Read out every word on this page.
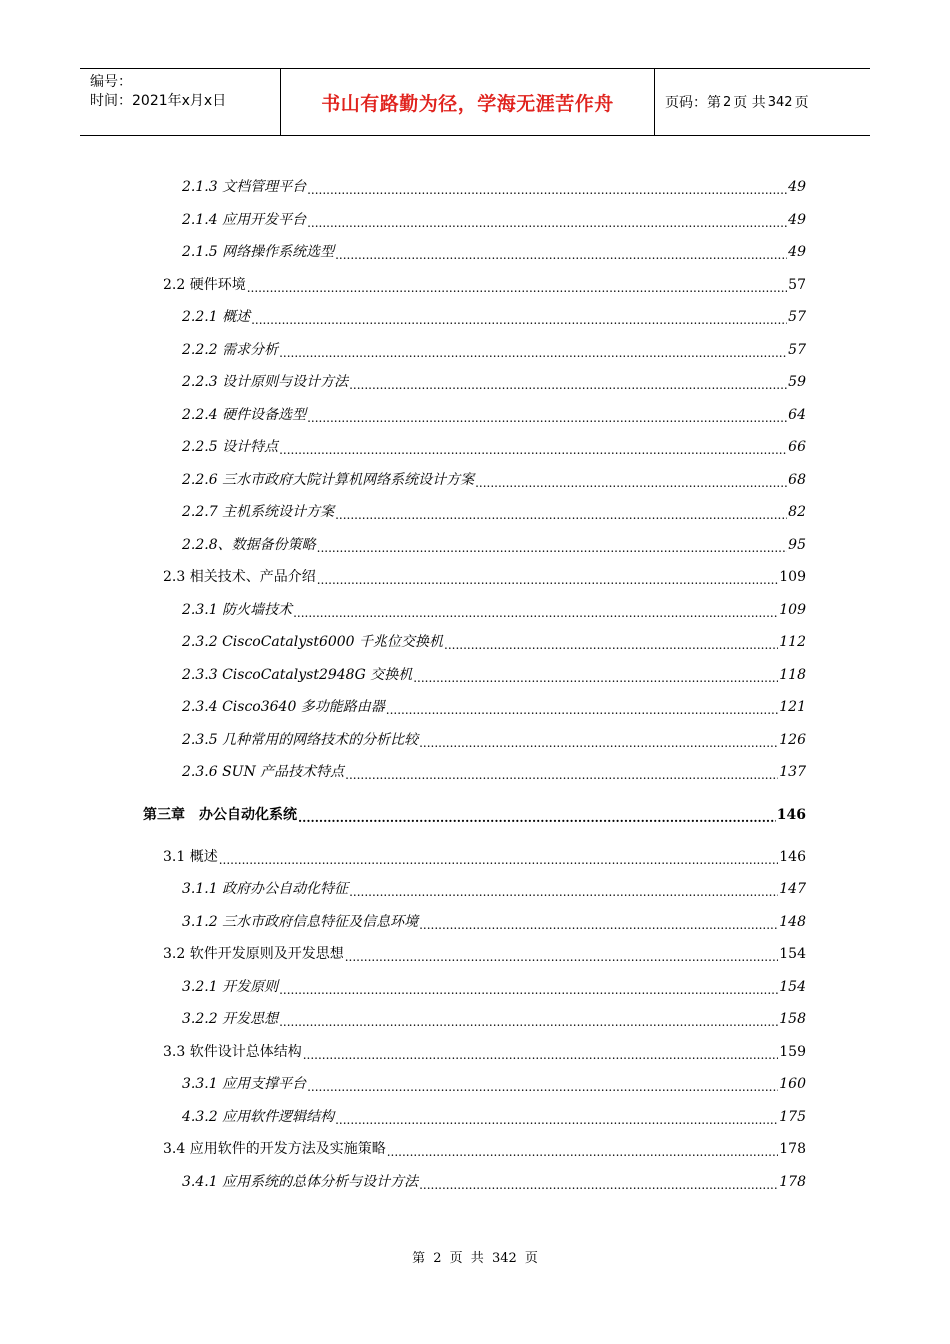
编号：
时间：2021年x月x日	书山有路勤为径，学海无涯苦作舟	页码：第 2 页 共 342 页
2.1.3 文档管理平台 .....	49
2.1.4 应用开发平台 .....	49
2.1.5 网络操作系统选型 .....	49
2.2 硬件环境 .....	57
2.2.1 概述 .....	57
2.2.2 需求分析 .....	57
2.2.3 设计原则与设计方法 .....	59
2.2.4 硬件设备选型 .....	64
2.2.5 设计特点 .....	66
2.2.6 三水市政府大院计算机网络系统设计方案 .....	68
2.2.7 主机系统设计方案 .....	82
2.2.8、数据备份策略 .....	95
2.3 相关技术、产品介绍 .....	109
2.3.1 防火墙技术 .....	109
2.3.2 CiscoCatalyst6000 千兆位交换机 .....	112
2.3.3 CiscoCatalyst2948G 交换机 .....	118
2.3.4 Cisco3640 多功能路由器 .....	121
2.3.5 几种常用的网络技术的分析比较 .....	126
2.3.6 SUN 产品技术特点 .....	137
第三章　办公自动化系统 .....	146
3.1 概述 .....	146
3.1.1 政府办公自动化特征 .....	147
3.1.2 三水市政府信息特征及信息环境 .....	148
3.2 软件开发原则及开发思想 .....	154
3.2.1 开发原则 .....	154
3.2.2 开发思想 .....	158
3.3 软件设计总体结构 .....	159
3.3.1 应用支撑平台 .....	160
4.3.2 应用软件逻辑结构 .....	175
3.4 应用软件的开发方法及实施策略 .....	178
3.4.1 应用系统的总体分析与设计方法 .....	178
第 2 页 共 342 页
